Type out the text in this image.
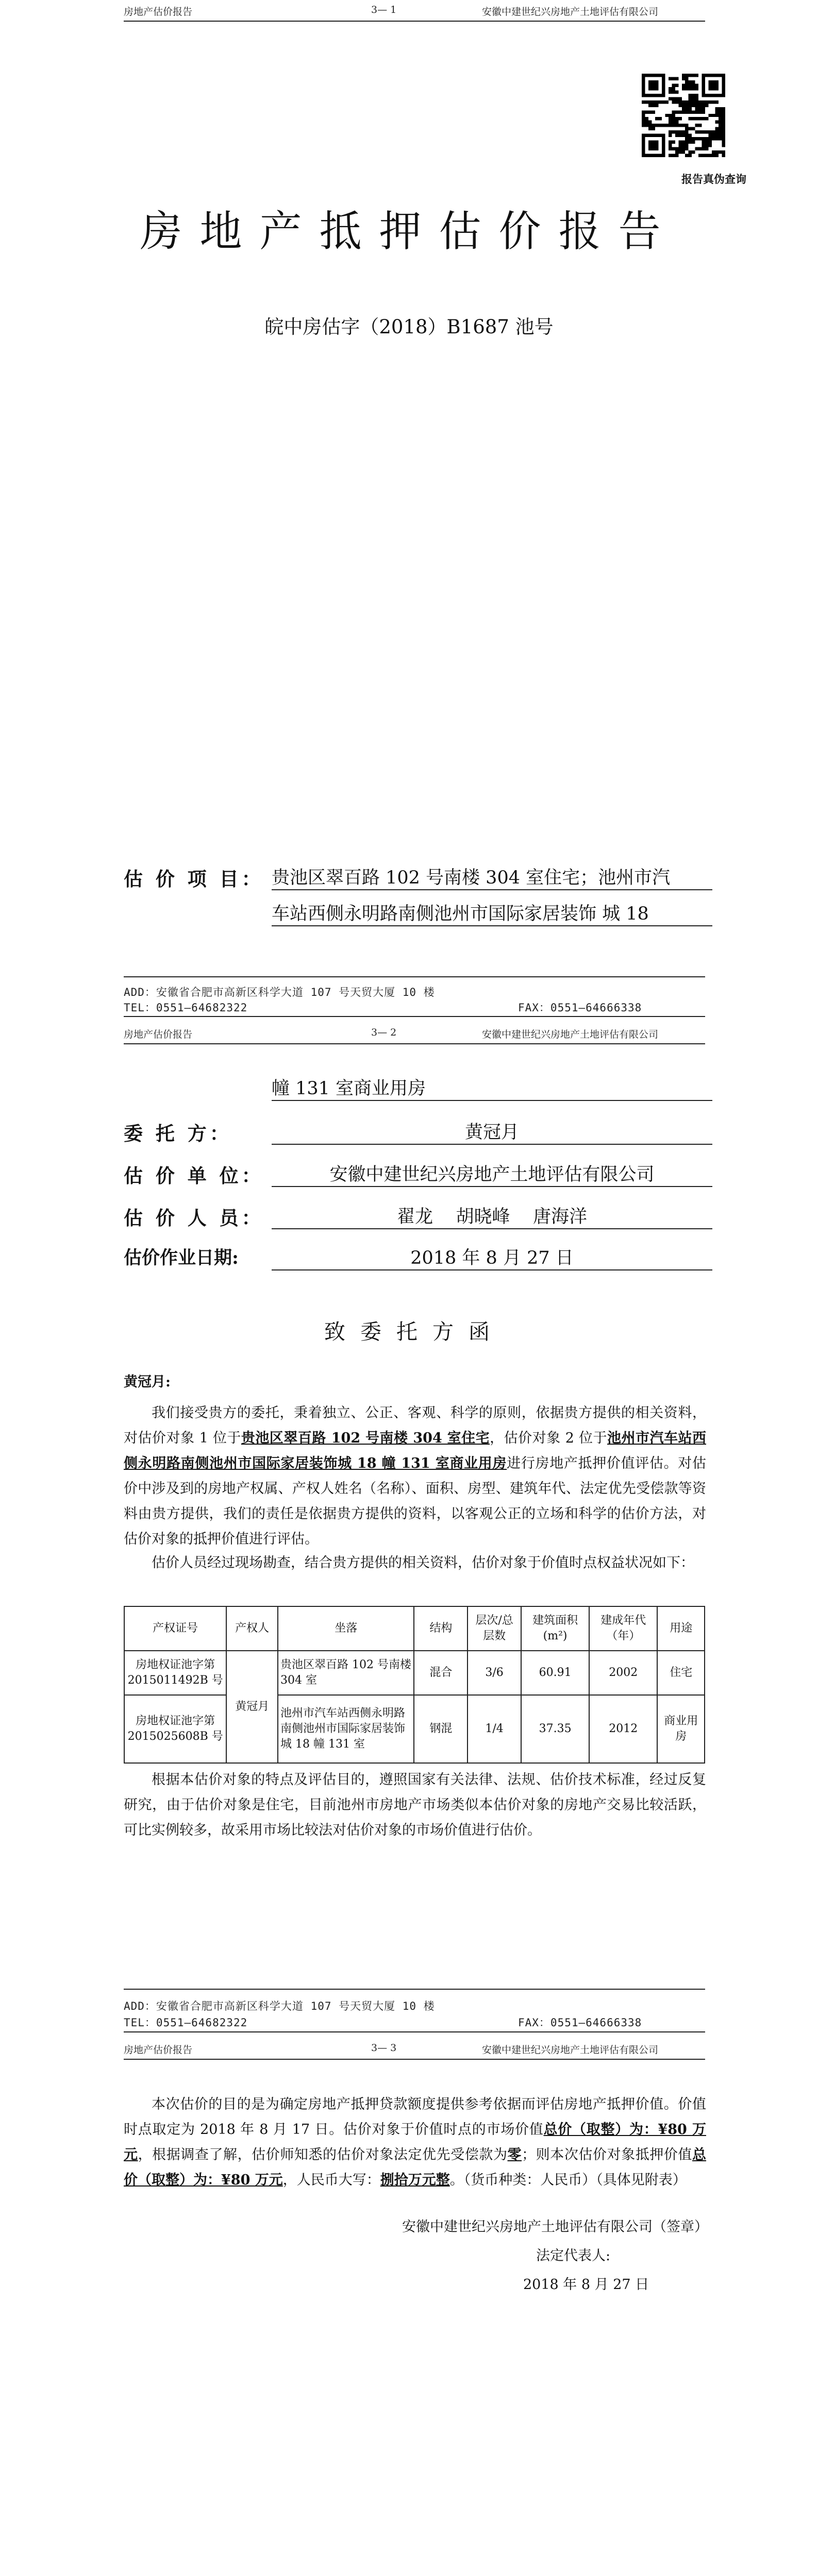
房地产估价报告	3— 1	安徽中建世纪兴房地产土地评估有限公司
报告真伪查询
房地产抵押估价报告
皖中房估字（2018）B1687 池号
估 价 项 目： 贵池区翠百路 102 号南楼 304 室住宅；池州市汽
车站西侧永明路南侧池州市国际家居装饰 城 18
ADD：安徽省合肥市高新区科学大道 107 号天贸大厦 10 楼
TEL：0551—64682322	FAX：0551—64666338
房地产估价报告	3— 2	安徽中建世纪兴房地产土地评估有限公司
幢 131 室商业用房
委 托 方：	黄冠月
估 价 单 位：	安徽中建世纪兴房地产土地评估有限公司
估 价 人 员：	翟龙    胡晓峰    唐海洋
估价作业日期:	2018 年 8 月 27 日
致 委 托 方 函
黄冠月:
我们接受贵方的委托，秉着独立、公正、客观、科学的原则，依据贵方提供的相关资料，对估价对象 1 位于贵池区翠百路 102 号南楼 304 室住宅，估价对象 2 位于池州市汽车站西侧永明路南侧池州市国际家居装饰城 18 幢 131 室商业用房进行房地产抵押价值评估。对估价中涉及到的房地产权属、产权人姓名（名称）、面积、房型、建筑年代、法定优先受偿款等资料由贵方提供，我们的责任是依据贵方提供的资料，以客观公正的立场和科学的估价方法，对估价对象的抵押价值进行评估。
估价人员经过现场勘查，结合贵方提供的相关资料，估价对象于价值时点权益状况如下：
产权证号	产权人	坐落	结构	层次/总层数	建筑面积(m²)	建成年代（年）	用途
房地权证池字第 2015011492B 号	黄冠月	贵池区翠百路 102 号南楼 304 室	混合	3/6	60.91	2002	住宅
房地权证池字第 2015025608B 号		池州市汽车站西侧永明路南侧池州市国际家居装饰城 18 幢 131 室	钢混	1/4	37.35	2012	商业用房
根据本估价对象的特点及评估目的，遵照国家有关法律、法规、估价技术标准，经过反复研究，由于估价对象是住宅，目前池州市房地产市场类似本估价对象的房地产交易比较活跃，可比实例较多，故采用市场比较法对估价对象的市场价值进行估价。
ADD：安徽省合肥市高新区科学大道 107 号天贸大厦 10 楼
TEL：0551—64682322	FAX：0551—64666338
房地产估价报告	3— 3	安徽中建世纪兴房地产土地评估有限公司
本次估价的目的是为确定房地产抵押贷款额度提供参考依据而评估房地产抵押价值。价值时点取定为 2018 年 8 月 17 日。估价对象于价值时点的市场价值总价（取整）为：¥80 万元，根据调查了解，估价师知悉的估价对象法定优先受偿款为零；则本次估价对象抵押价值总价（取整）为：¥80 万元，人民币大写：捌拾万元整。（货币种类：人民币）（具体见附表）
安徽中建世纪兴房地产土地评估有限公司（签章）
法定代表人:
2018 年 8 月 27 日
